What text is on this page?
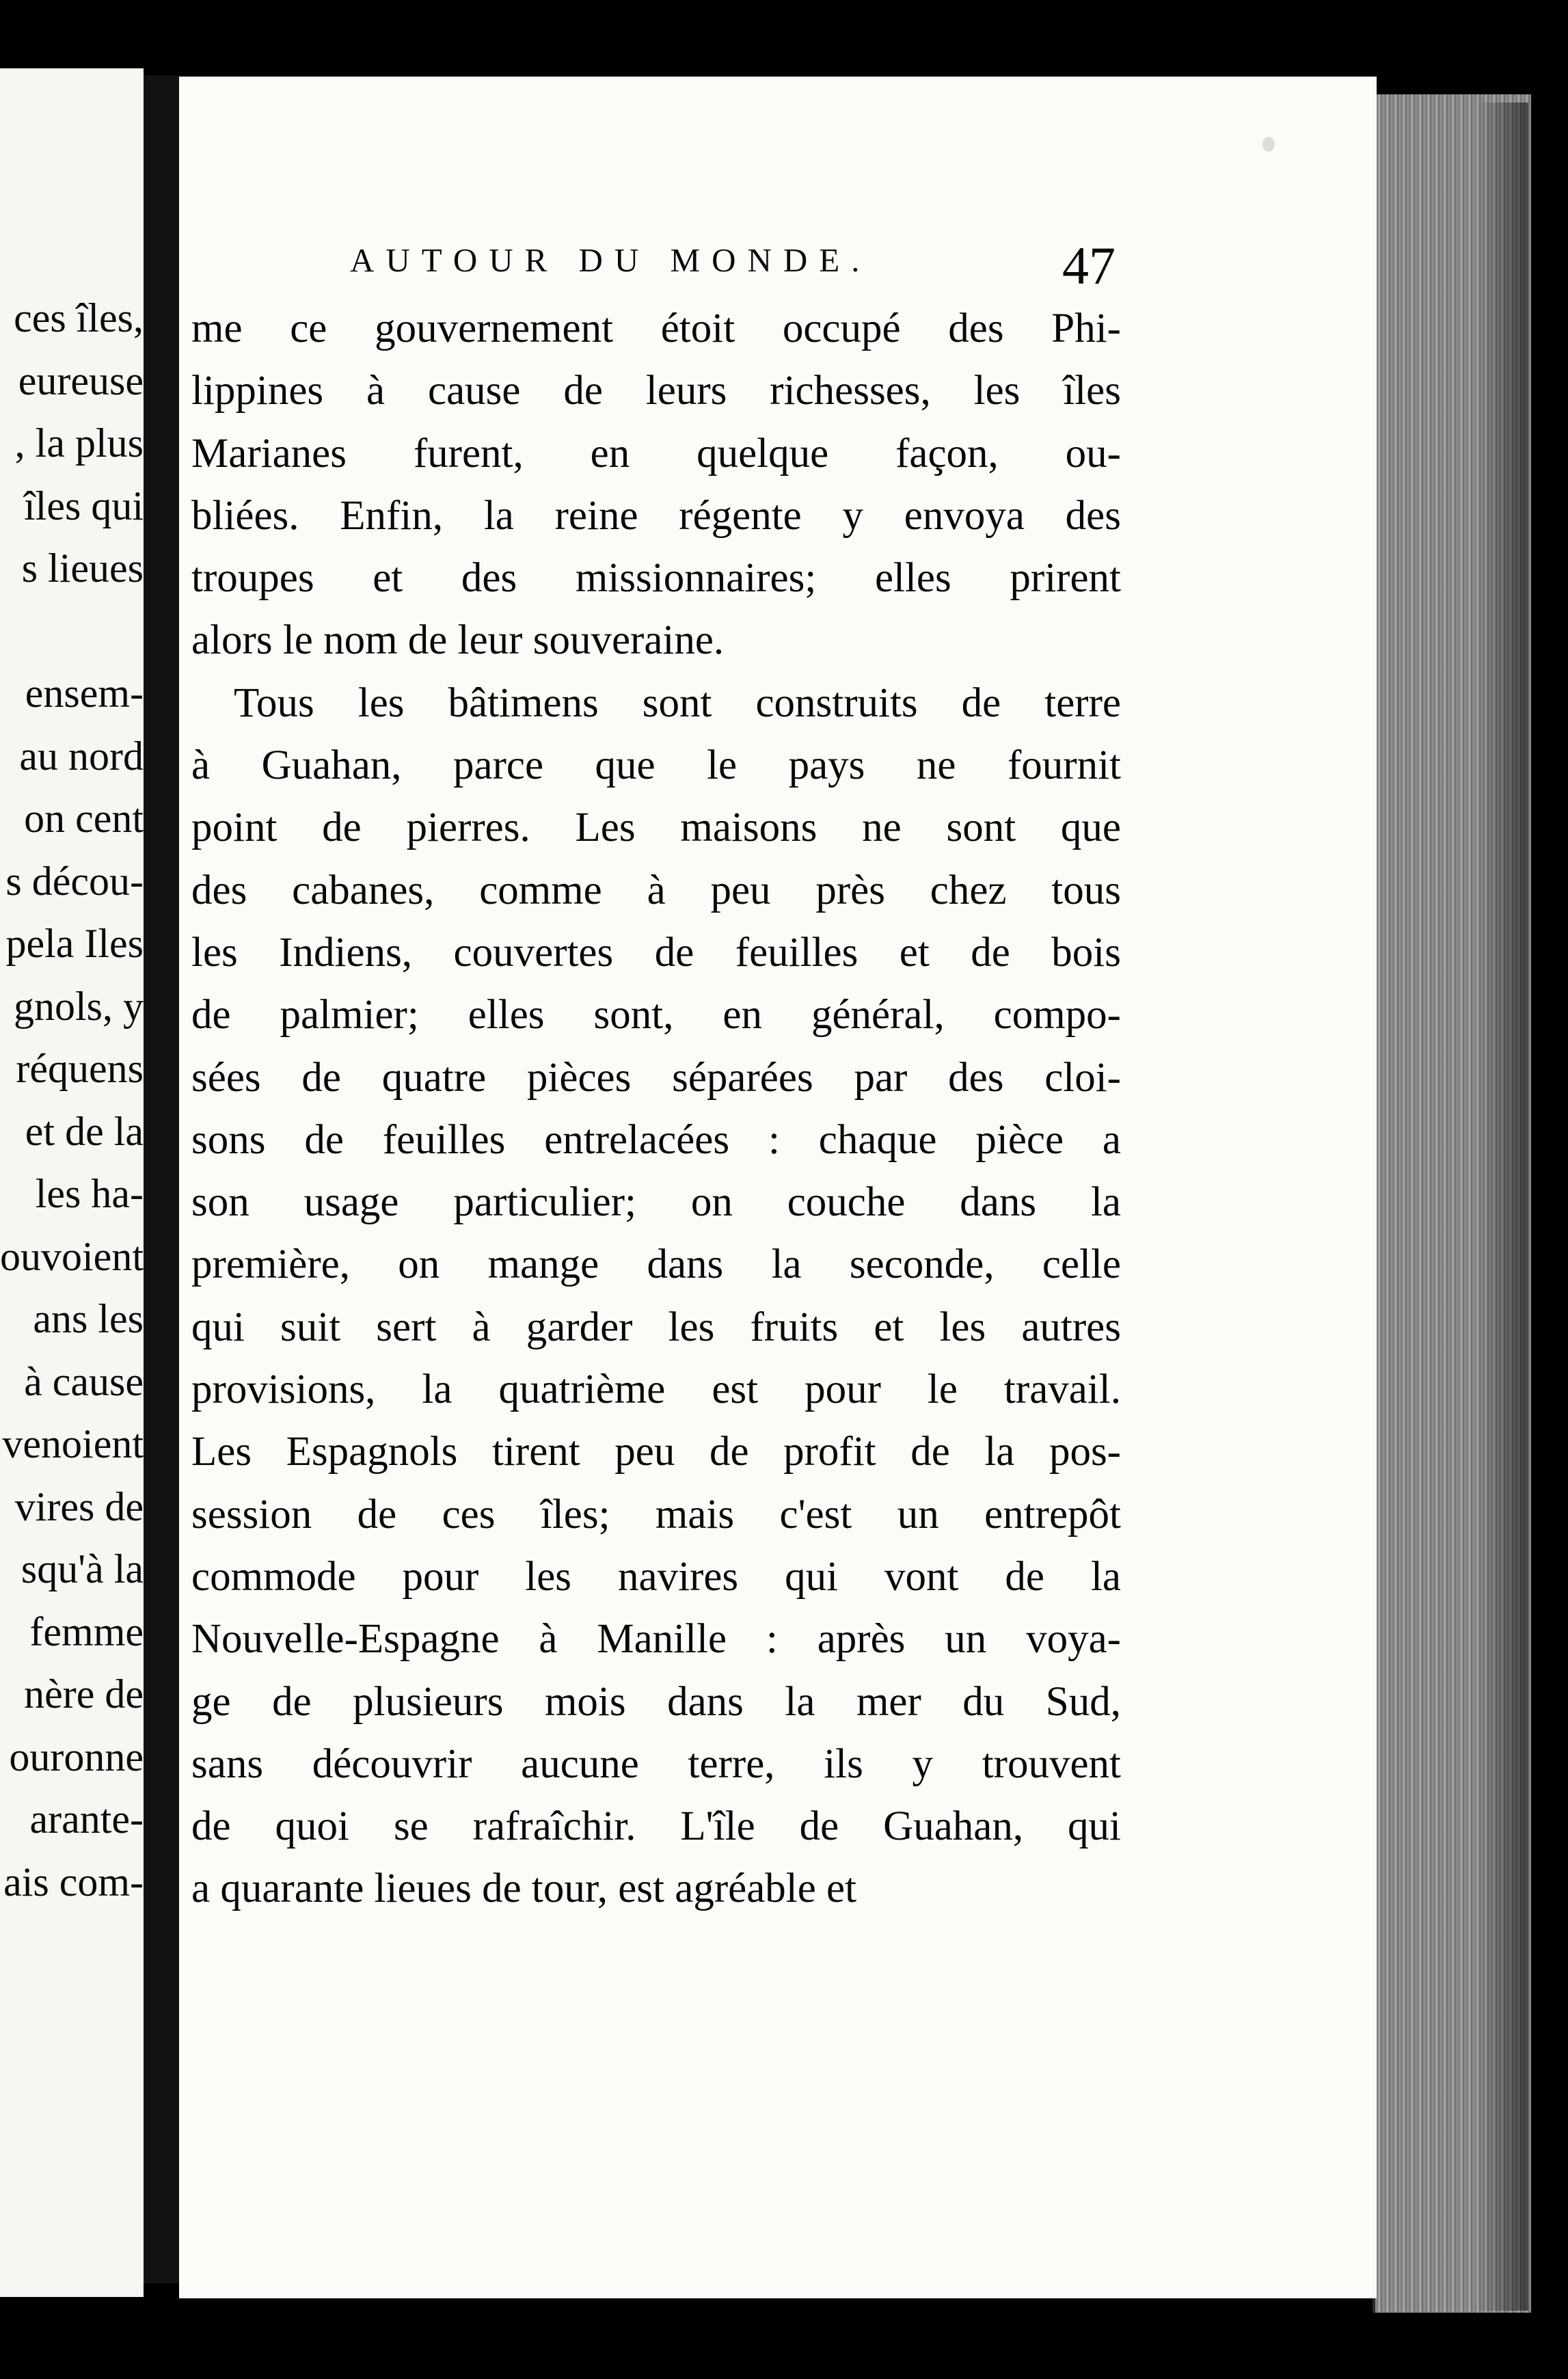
ces îles,
eureuse
, la plus
îles qui
s lieues
ensem-
au nord
on cent
s décou-
pela Iles
gnols, y
réquens
et de la
les ha-
ouvoient
ans les
à cause
venoient
vires de
squ'à la
femme
nère de
ouronne
arante-
ais com-
AUTOUR DU MONDE.	47
me ce gouvernement étoit occupé des Phi-
lippines à cause de leurs richesses, les îles
Marianes furent, en quelque façon, ou-
bliées. Enfin, la reine régente y envoya des
troupes et des missionnaires; elles prirent
alors le nom de leur souveraine.
Tous les bâtimens sont construits de terre
à Guahan, parce que le pays ne fournit
point de pierres. Les maisons ne sont que
des cabanes, comme à peu près chez tous
les Indiens, couvertes de feuilles et de bois
de palmier; elles sont, en général, compo-
sées de quatre pièces séparées par des cloi-
sons de feuilles entrelacées : chaque pièce a
son usage particulier; on couche dans la
première, on mange dans la seconde, celle
qui suit sert à garder les fruits et les autres
provisions, la quatrième est pour le travail.
Les Espagnols tirent peu de profit de la pos-
session de ces îles; mais c'est un entrepôt
commode pour les navires qui vont de la
Nouvelle-Espagne à Manille : après un voya-
ge de plusieurs mois dans la mer du Sud,
sans découvrir aucune terre, ils y trouvent
de quoi se rafraîchir. L'île de Guahan, qui
a quarante lieues de tour, est agréable et
